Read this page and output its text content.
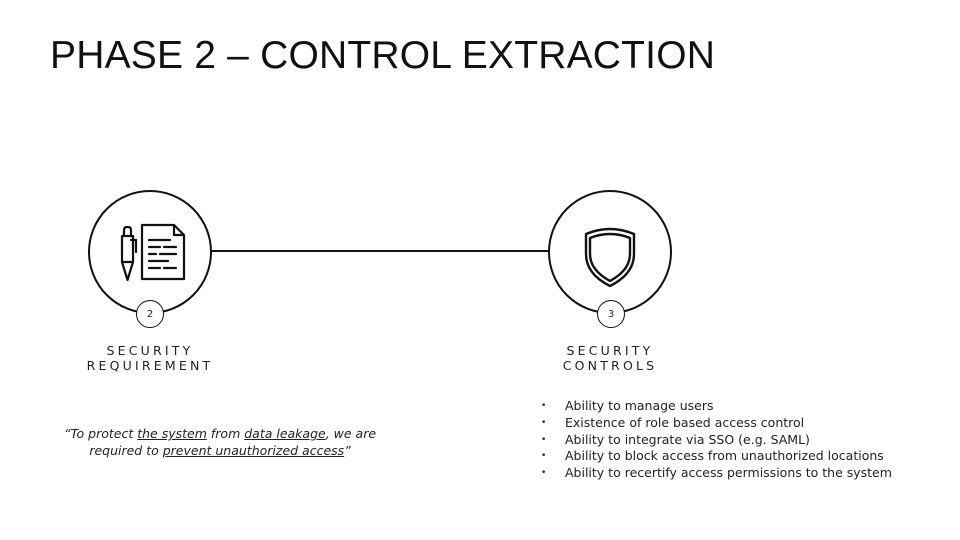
PHASE 2 – CONTROL EXTRACTION
2
SECURITY
REQUIREMENT
3
SECURITY
CONTROLS
“To protect the system from data leakage, we are required to prevent unauthorized access”
• Ability to manage users
• Existence of role based access control
• Ability to integrate via SSO (e.g. SAML)
• Ability to block access from unauthorized locations
• Ability to recertify access permissions to the system
